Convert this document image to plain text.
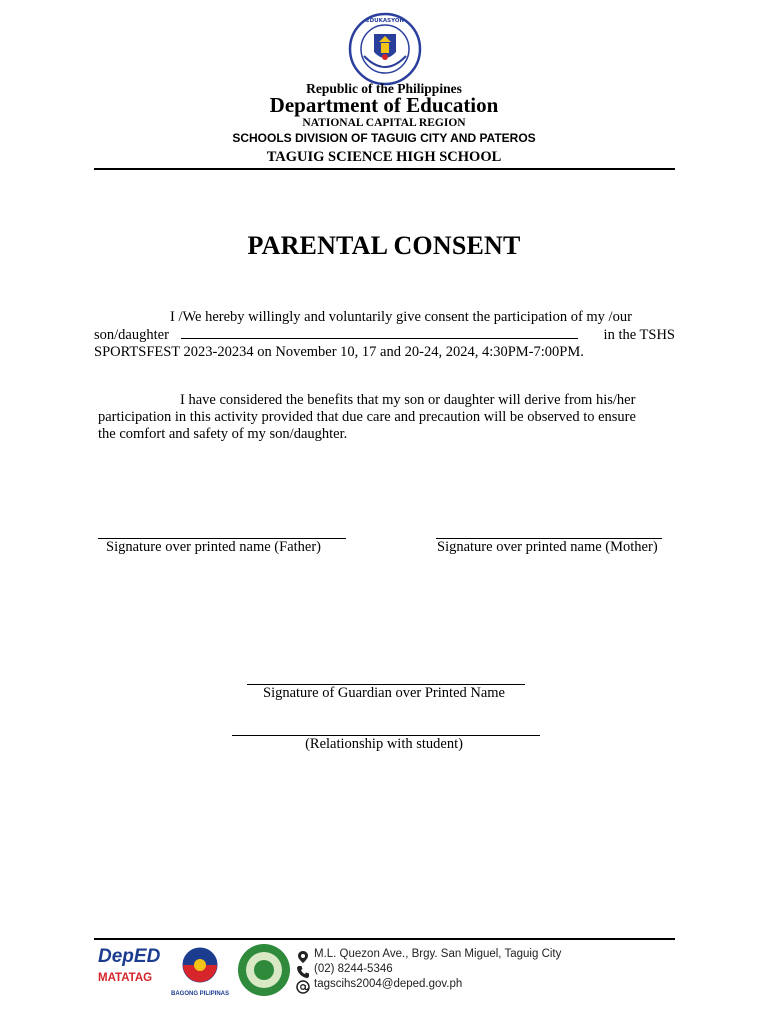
EDUKASYON
Republic of the Philippines
Department of Education
NATIONAL CAPITAL REGION
SCHOOLS DIVISION OF TAGUIG CITY AND PATEROS
TAGUIG SCIENCE HIGH SCHOOL
PARENTAL CONSENT
I /We hereby willingly and voluntarily give consent the participation of my /our
son/daughter	in the TSHS
SPORTSFEST 2023-20234 on November 10, 17 and 20-24, 2024, 4:30PM-7:00PM.
I have considered the benefits that my son or daughter will derive from his/her
participation in this activity provided that due care and precaution will be observed to ensure
the comfort and safety of my son/daughter.
Signature over printed name (Father)	Signature over printed name (Mother)
Signature of Guardian over Printed Name
(Relationship with student)
DepED
MATATAG
BAGONG PILIPINAS
M.L. Quezon Ave., Brgy. San Miguel, Taguig City
(02) 8244-5346
tagscihs2004@deped.gov.ph
